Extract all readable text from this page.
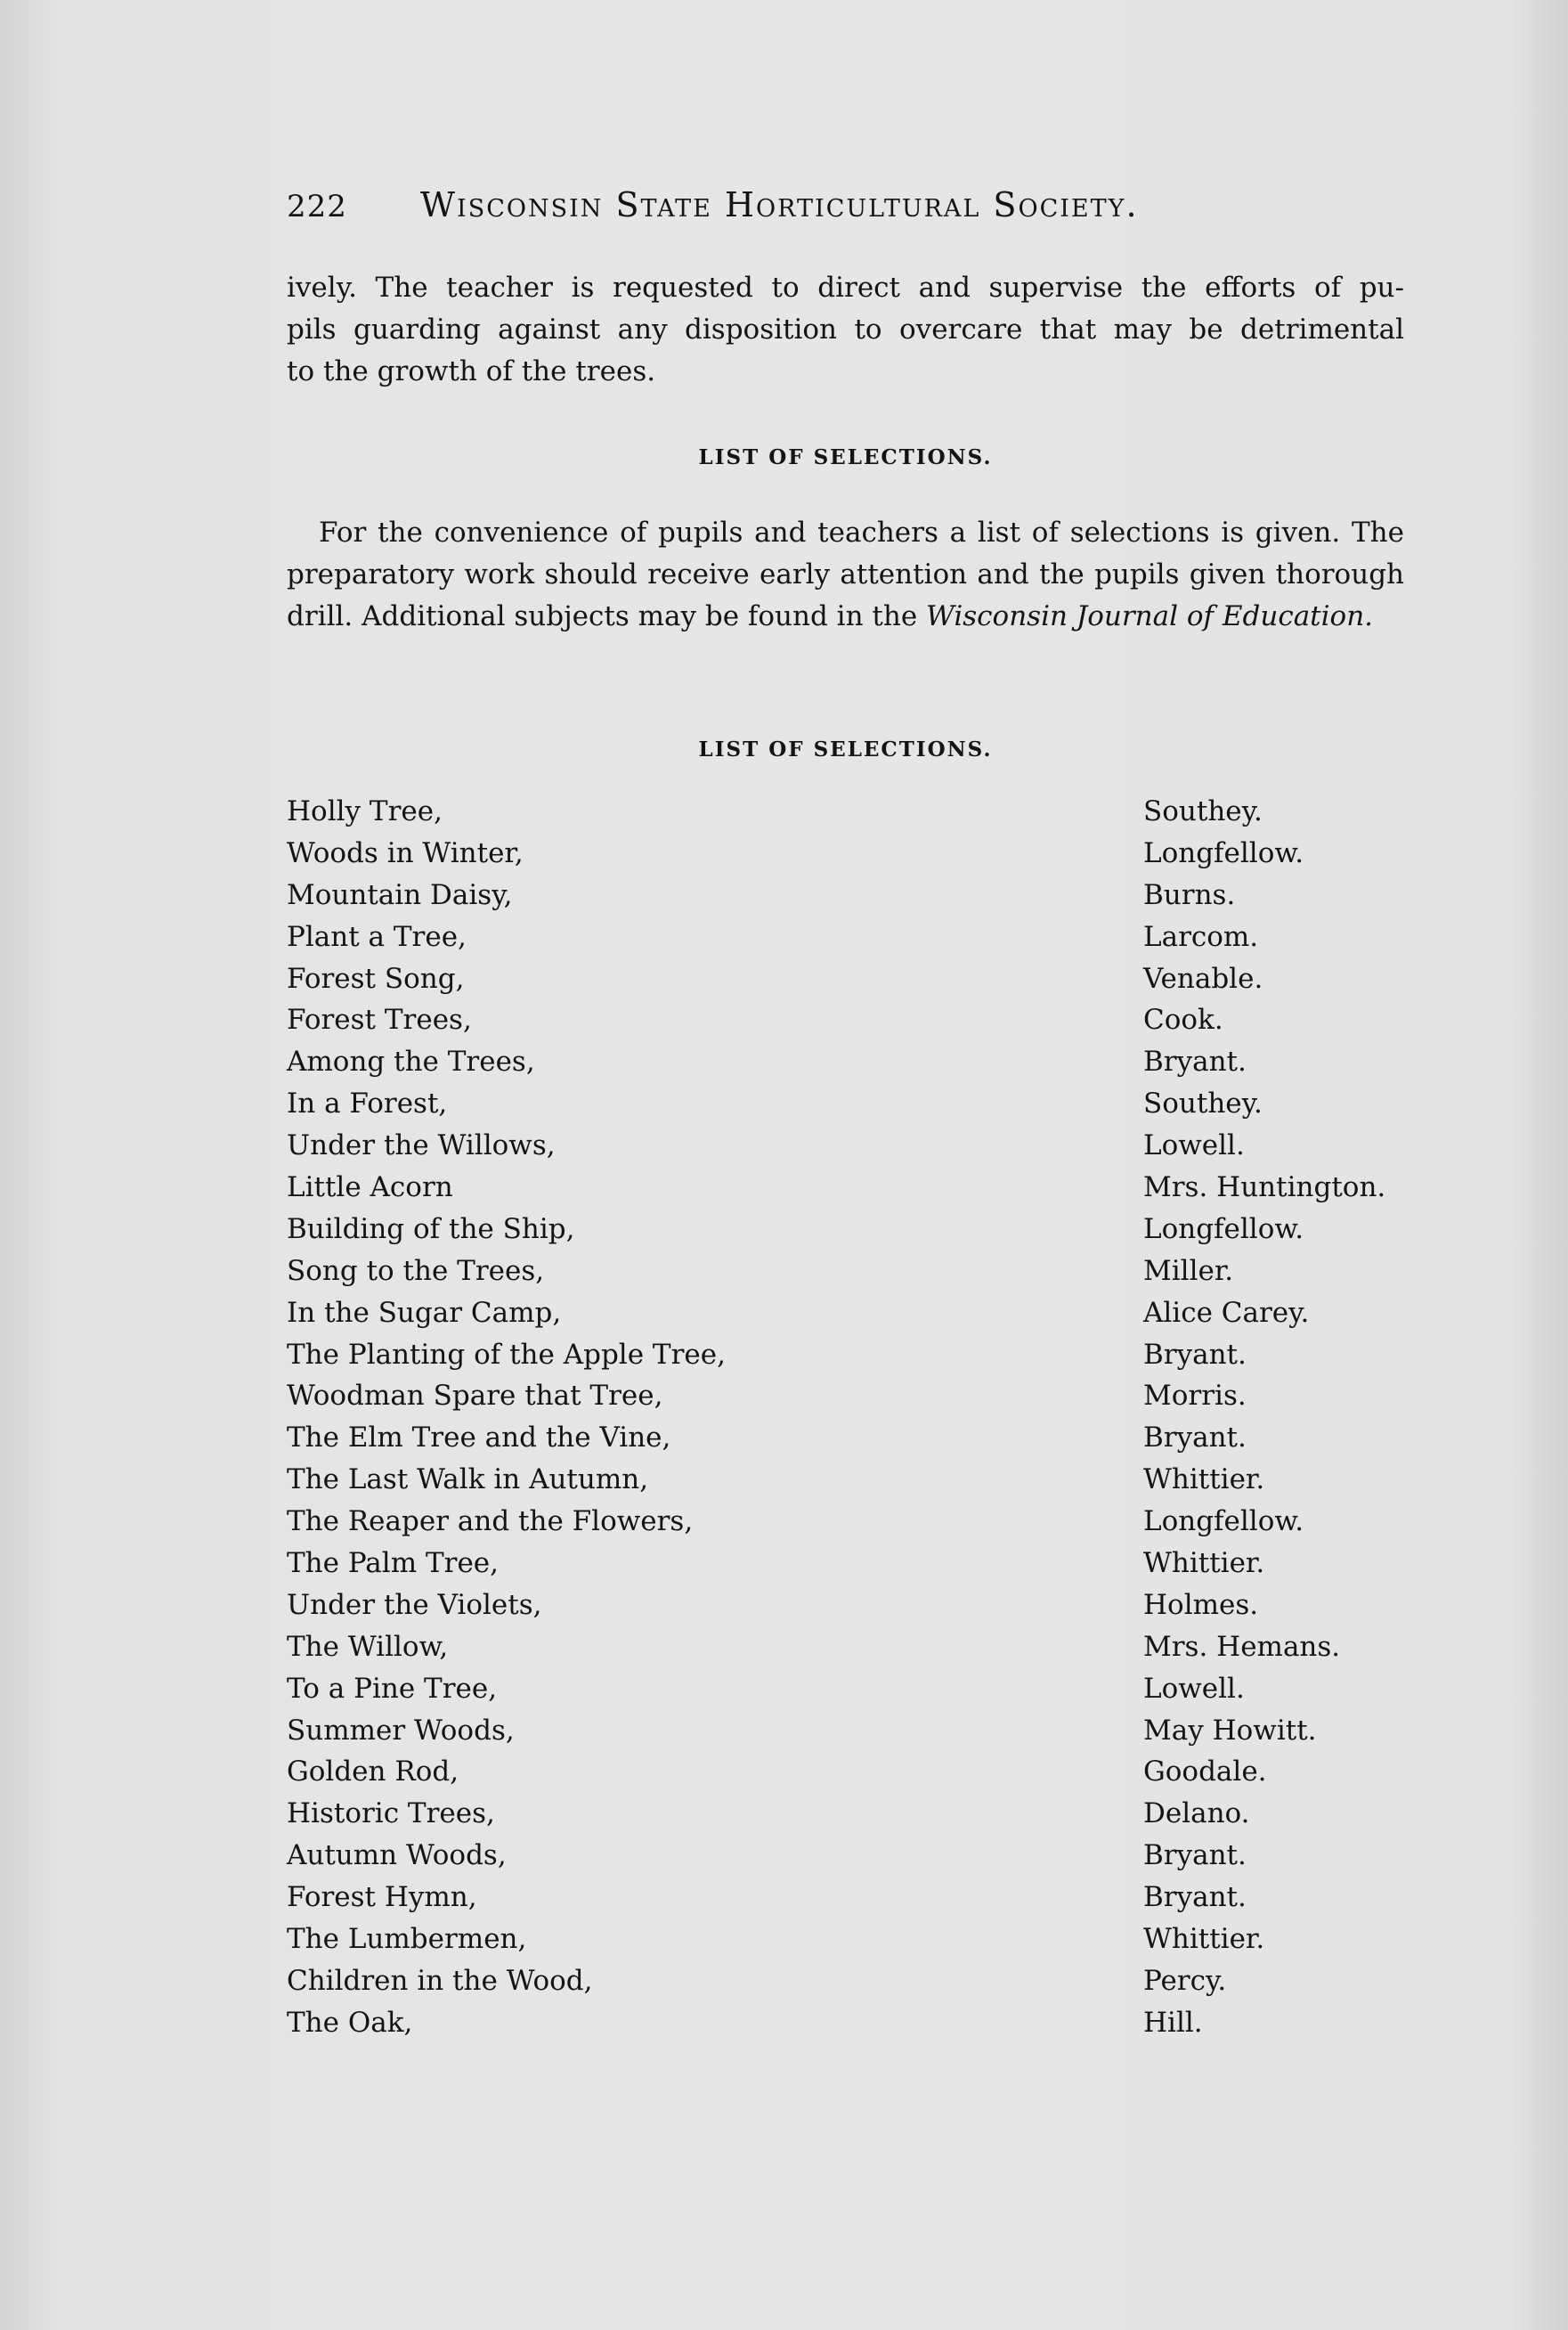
222 Wisconsin State Horticultural Society.
ively. The teacher is requested to direct and supervise the efforts of pu-
pils guarding against any disposition to overcare that may be detrimental
to the growth of the trees.
LIST OF SELECTIONS.
For the convenience of pupils and teachers a list of selections is given. The preparatory work should receive early attention and the pupils given thorough drill. Additional subjects may be found in the Wisconsin Journal of Education.
LIST OF SELECTIONS.
Holly Tree,	Southey.
Woods in Winter,	Longfellow.
Mountain Daisy,	Burns.
Plant a Tree,	Larcom.
Forest Song,	Venable.
Forest Trees,	Cook.
Among the Trees,	Bryant.
In a Forest,	Southey.
Under the Willows,	Lowell.
Little Acorn	Mrs. Huntington.
Building of the Ship,	Longfellow.
Song to the Trees,	Miller.
In the Sugar Camp,	Alice Carey.
The Planting of the Apple Tree,	Bryant.
Woodman Spare that Tree,	Morris.
The Elm Tree and the Vine,	Bryant.
The Last Walk in Autumn,	Whittier.
The Reaper and the Flowers,	Longfellow.
The Palm Tree,	Whittier.
Under the Violets,	Holmes.
The Willow,	Mrs. Hemans.
To a Pine Tree,	Lowell.
Summer Woods,	May Howitt.
Golden Rod,	Goodale.
Historic Trees,	Delano.
Autumn Woods,	Bryant.
Forest Hymn,	Bryant.
The Lumbermen,	Whittier.
Children in the Wood,	Percy.
The Oak,	Hill.
